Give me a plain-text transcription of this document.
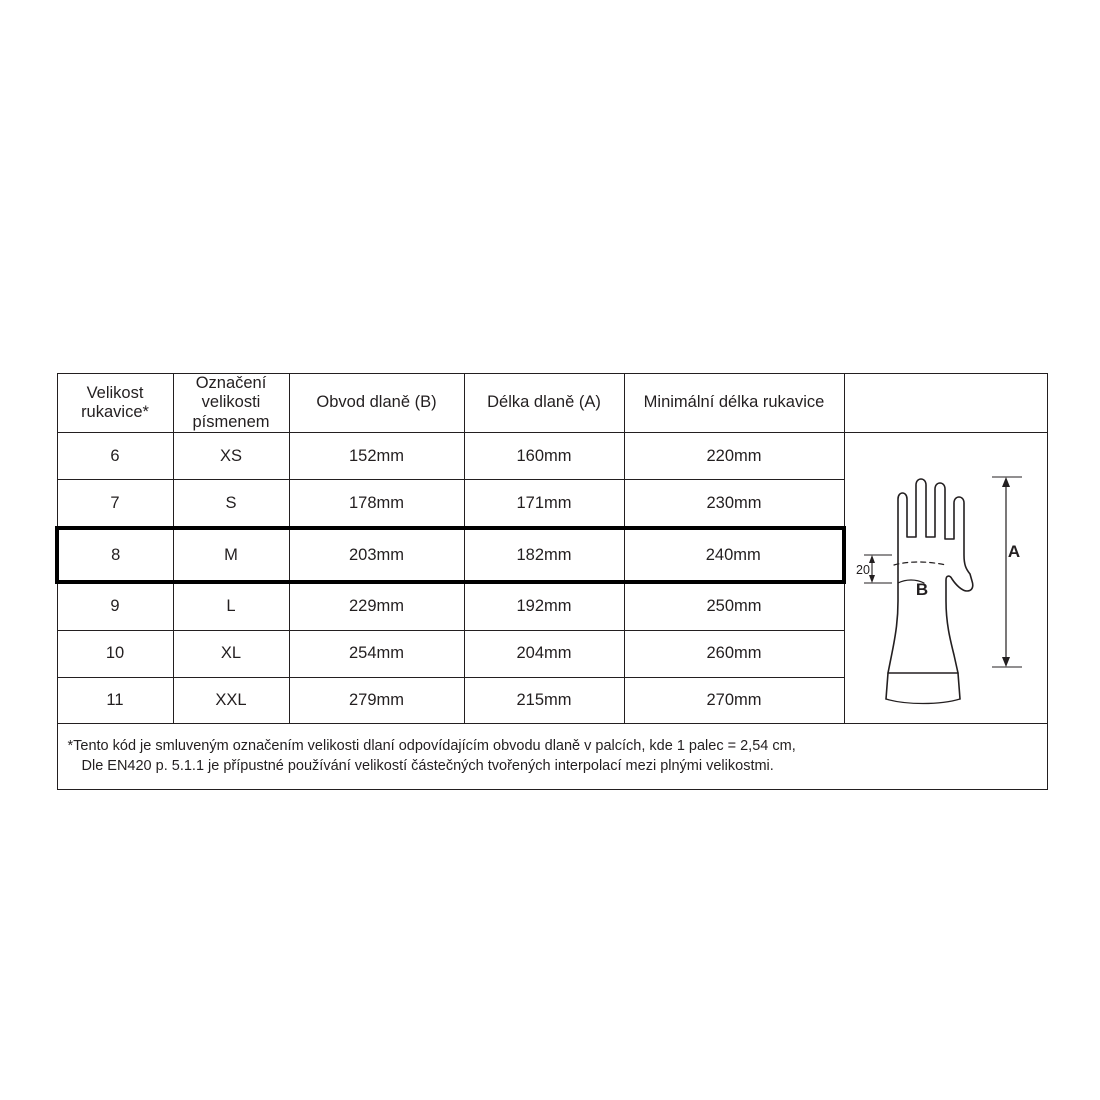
Velikost
rukavice*	Označení
velikosti
písmenem	Obvod dlaně (B)	Délka dlaně (A)	Minimální délka rukavice	

6	XS	152mm	160mm	220mm	A
20
B

7	S	178mm	171mm	230mm	
8	M	203mm	182mm	240mm	
9	L	229mm	192mm	250mm	
10	XL	254mm	204mm	260mm	
11	XXL	279mm	215mm	270mm	

*Tento kód je smluveným označením velikosti dlaní odpovídajícím obvodu dlaně v palcích, kde 1 palec = 2,54 cm,
Dle EN420 p. 5.1.1 je přípustné používání velikostí částečných tvořených interpolací mezi plnými velikostmi.					
